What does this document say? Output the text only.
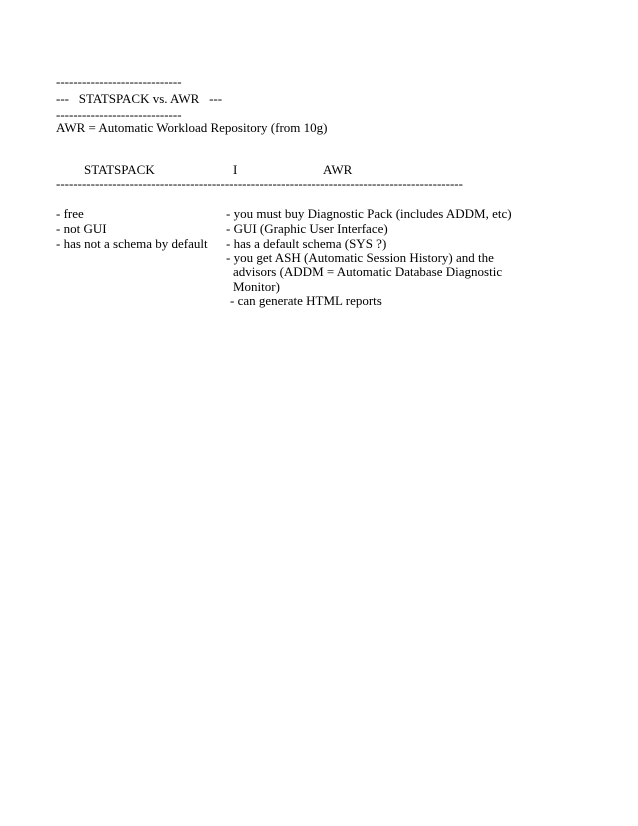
-----------------------------
---   STATSPACK vs. AWR   ---
-----------------------------
AWR = Automatic Workload Repository (from 10g)
STATSPACK	I	AWR
----------------------------------------------------------------------------------------------
- free
- not GUI
- has not a schema by default
- you must buy Diagnostic Pack (includes ADDM, etc)
- GUI (Graphic User Interface)
- has a default schema (SYS ?)
- you get ASH (Automatic Session History) and the
advisors (ADDM = Automatic Database Diagnostic
Monitor)
- can generate HTML reports
